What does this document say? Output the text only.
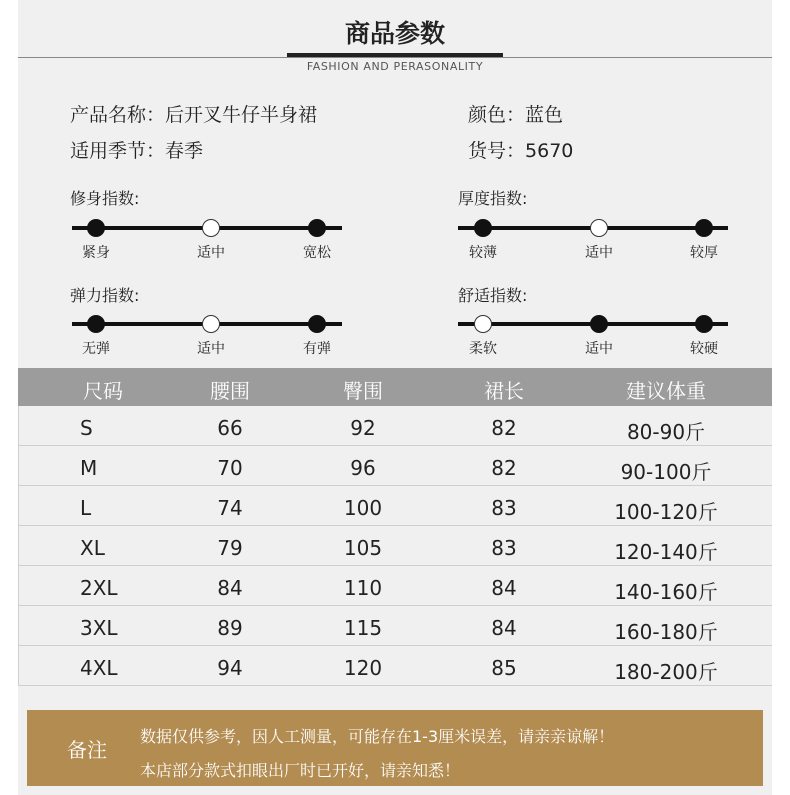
商品参数
FASHION AND PERASONALITY
产品名称：后开叉牛仔半身裙	颜色：蓝色
适用季节：春季	货号：5670
修身指数:
紧身	适中	宽松
厚度指数:
较薄	适中	较厚
弹力指数:
无弹	适中	有弹
舒适指数:
柔软	适中	较硬
尺码	腰围	臀围	裙长	建议体重
S	66	92	82	80-90斤
M	70	96	82	90-100斤
L	74	100	83	100-120斤
XL	79	105	83	120-140斤
2XL	84	110	84	140-160斤
3XL	89	115	84	160-180斤
4XL	94	120	85	180-200斤
备注
数据仅供参考，因人工测量，可能存在1-3厘米误差，请亲亲谅解！
本店部分款式扣眼出厂时已开好，请亲知悉！
